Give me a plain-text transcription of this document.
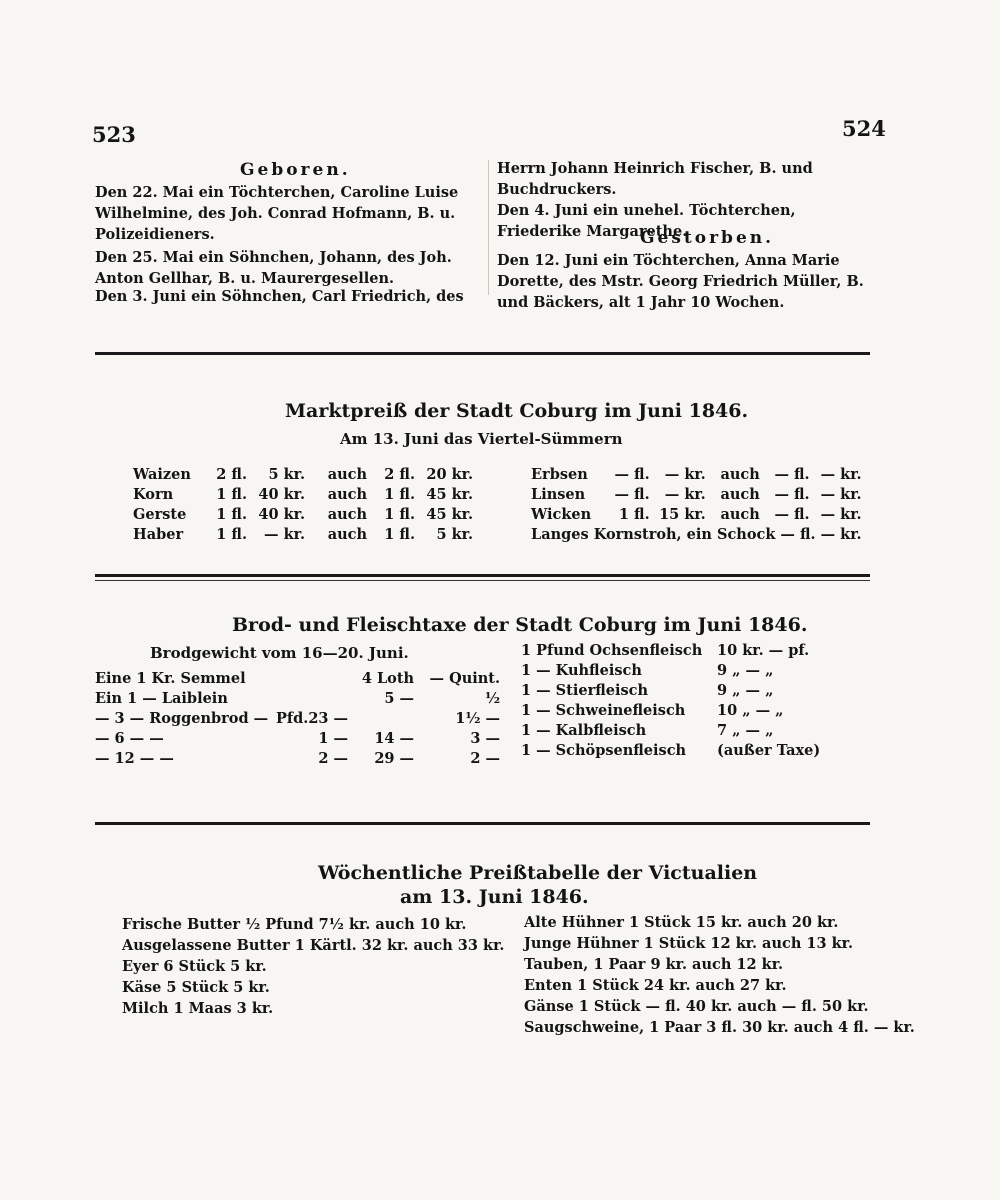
523	524
Geboren.
Den 22. Mai ein Töchterchen, Caroline Luise Wilhelmine, des Joh. Conrad Hofmann, B. u. Polizeidieners.
Den 25. Mai ein Söhnchen, Johann, des Joh. Anton Gellhar, B. u. Maurergesellen.
Den 3. Juni ein Söhnchen, Carl Friedrich, des
Herrn Johann Heinrich Fischer, B. und Buchdruckers.
Den 4. Juni ein unehel. Töchterchen, Friederike Margarethe.
Gestorben.
Den 12. Juni ein Töchterchen, Anna Marie Dorette, des Mstr. Georg Friedrich Müller, B. und Bäckers, alt 1 Jahr 10 Wochen.
Marktpreiß der Stadt Coburg im Juni 1846.
Am 13. Juni das Viertel-Sümmern
Waizen	2 fl.	5 kr.	auch	2 fl.	20 kr.
Korn	1 fl.	40 kr.	auch	1 fl.	45 kr.
Gerste	1 fl.	40 kr.	auch	1 fl.	45 kr.
Haber	1 fl.	— kr.	auch	1 fl.	5 kr.
Erbsen	— fl.	— kr.	auch	— fl.	— kr.
Linsen	— fl.	— kr.	auch	— fl.	— kr.
Wicken	1 fl.	15 kr.	auch	— fl.	— kr.
Langes Kornstroh, ein Schock — fl. — kr.					
Brod- und Fleischtaxe der Stadt Coburg im Juni 1846.
Brodgewicht vom 16—20. Juni.
Eine 1 Kr. Semmel		4 Loth	— Quint.
Ein 1 — Laiblein		5 —	½
— 3 — Roggenbrod —	Pfd.23 —		1½ —
— 6 — —	1 —	14 —	3 —
— 12 — —	2 —	29 —	2 —
1 Pfund Ochsenfleisch	10 kr. — pf.
1 — Kuhfleisch	9 „ — „
1 — Stierfleisch	9 „ — „
1 — Schweinefleisch	10 „ — „
1 — Kalbfleisch	7 „ — „
1 — Schöpsenfleisch	(außer Taxe)
Wöchentliche Preißtabelle der Victualien
am 13. Juni 1846.
Frische Butter ½ Pfund 7½ kr. auch 10 kr.
Ausgelassene Butter 1 Kärtl. 32 kr. auch 33 kr.
Eyer 6 Stück 5 kr.
Käse 5 Stück 5 kr.
Milch 1 Maas 3 kr.
Alte Hühner 1 Stück 15 kr. auch 20 kr.
Junge Hühner 1 Stück 12 kr. auch 13 kr.
Tauben, 1 Paar 9 kr. auch 12 kr.
Enten 1 Stück 24 kr. auch 27 kr.
Gänse 1 Stück — fl. 40 kr. auch — fl. 50 kr.
Saugschweine, 1 Paar 3 fl. 30 kr. auch 4 fl. — kr.
